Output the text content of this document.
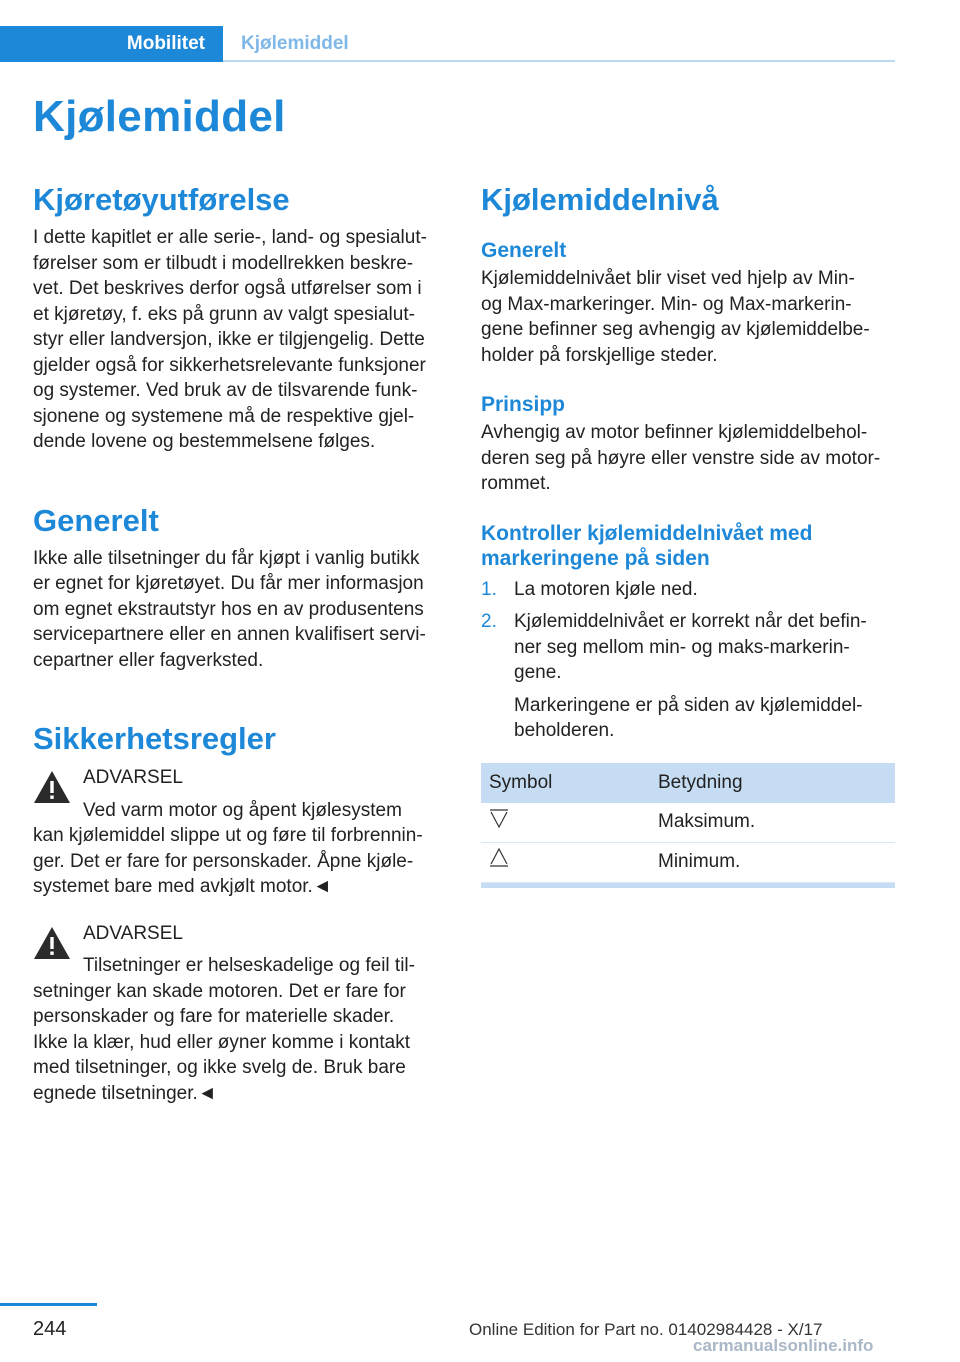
Mobilitet	Kjølemiddel
Kjølemiddel
Kjøretøyutførelse

I dette kapitlet er alle serie-, land- og spesialut-

førelser som er tilbudt i modellrekken beskre-

vet. Det beskrives derfor også utførelser som i

et kjøretøy, f. eks på grunn av valgt spesialut-

styr eller landversjon, ikke er tilgjengelig. Dette

gjelder også for sikkerhetsrelevante funksjoner

og systemer. Ved bruk av de tilsvarende funk-

sjonene og systemene må de respektive gjel-

dende lovene og bestemmelsene følges.

Generelt

Ikke alle tilsetninger du får kjøpt i vanlig butikk

er egnet for kjøretøyet. Du får mer informasjon

om egnet ekstrautstyr hos en av produsentens

servicepartnere eller en annen kvalifisert servi-

cepartner eller fagverksted.

Sikkerhetsregler

ADVARSEL

Ved varm motor og åpent kjølesystem

kan kjølemiddel slippe ut og føre til forbrennin-

ger. Det er fare for personskader. Åpne kjøle-

systemet bare med avkjølt motor.◄

ADVARSEL

Tilsetninger er helseskadelige og feil til-

setninger kan skade motoren. Det er fare for

personskader og fare for materielle skader.

Ikke la klær, hud eller øyner komme i kontakt

med tilsetninger, og ikke svelg de. Bruk bare

egnede tilsetninger.◄

Kjølemiddelnivå
Generelt

Kjølemiddelnivået blir viset ved hjelp av Min-

og Max-markeringer. Min- og Max-markerin-

gene befinner seg avhengig av kjølemiddelbe-

holder på forskjellige steder.

Prinsipp

Avhengig av motor befinner kjølemiddelbehol-

deren seg på høyre eller venstre side av motor-

rommet.

Kontroller kjølemiddelnivået med
markeringene på siden
1. La motoren kjøle ned.

2. Kjølemiddelnivået er korrekt når det befin-

ner seg mellom min- og maks-markerin-

gene.

Markeringene er på siden av kjølemiddel-

beholderen.

Symbol	Betydning
	Maksimum.
	Minimum.
244	Online Edition for Part no. 01402984428 - X/17
carmanualsonline.info
